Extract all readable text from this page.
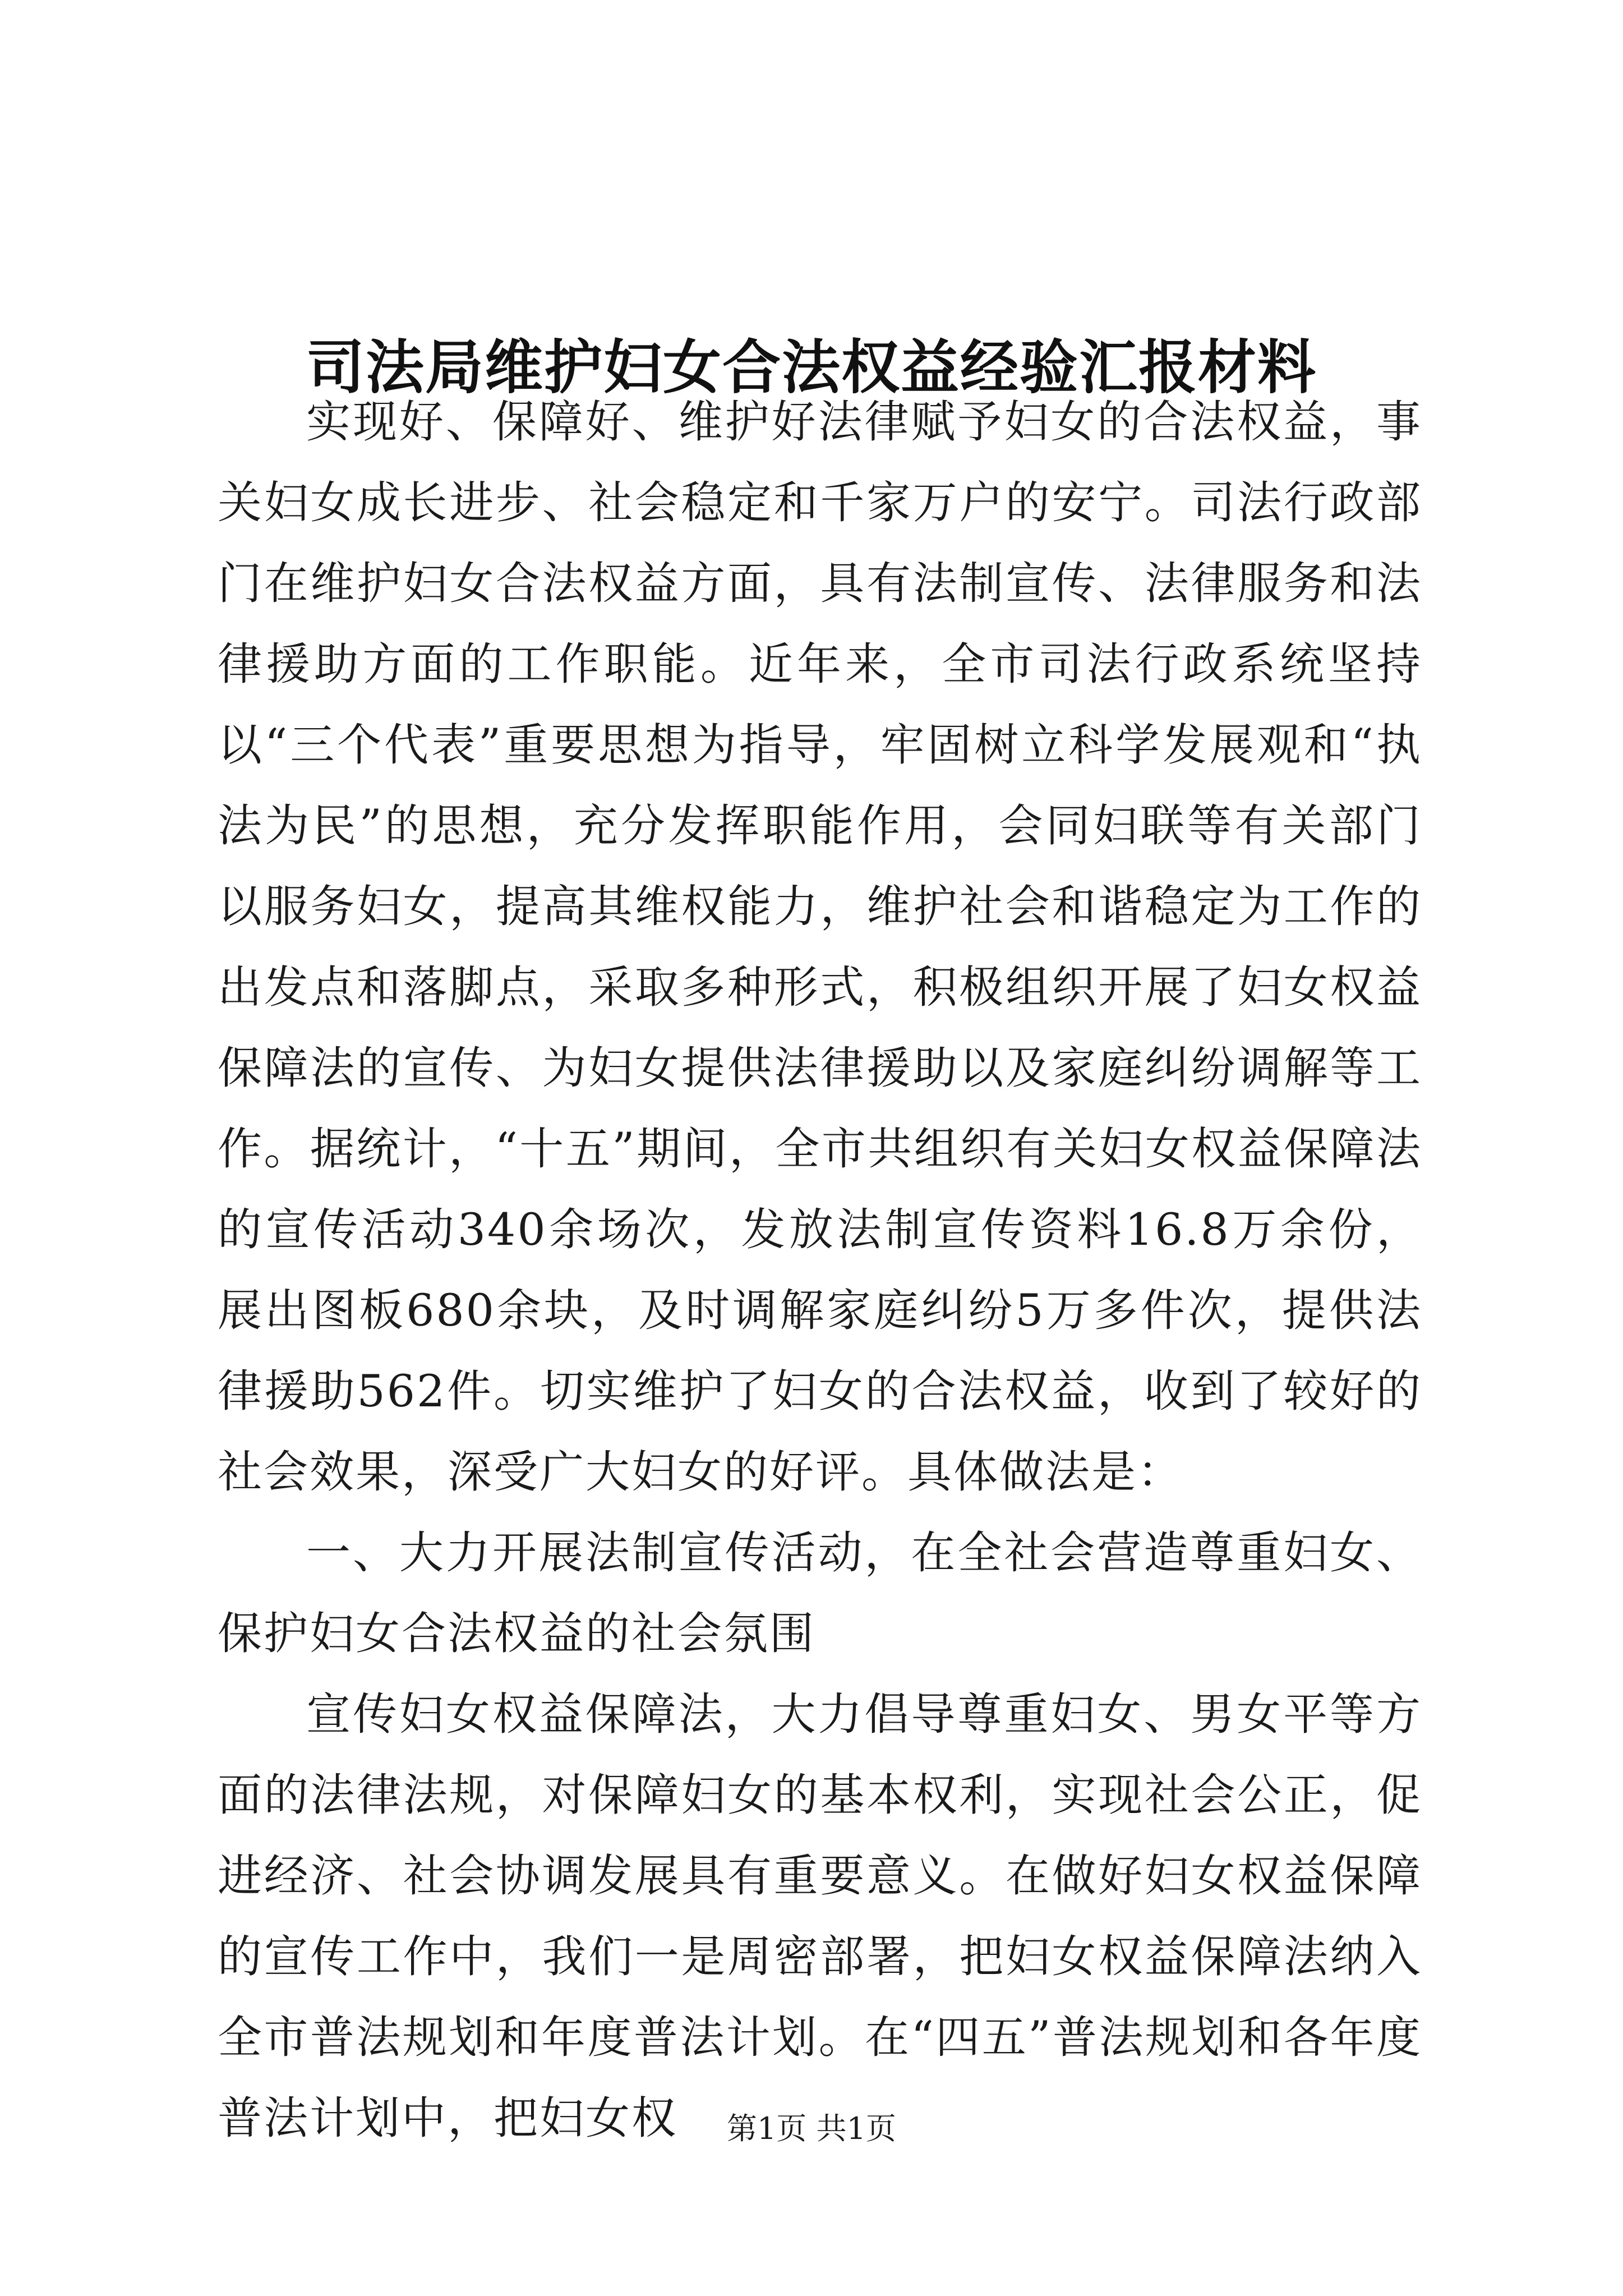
司法局维护妇女合法权益经验汇报材料

实现好、保障好、维护好法律赋予妇女的合法权益，事关妇女成长进步、社会稳定和千家万户的安宁。司法行政部门在维护妇女合法权益方面，具有法制宣传、法律服务和法律援助方面的工作职能。近年来，全市司法行政系统坚持以“三个代表”重要思想为指导，牢固树立科学发展观和“执法为民”的思想，充分发挥职能作用，会同妇联等有关部门以服务妇女，提高其维权能力，维护社会和谐稳定为工作的出发点和落脚点，采取多种形式，积极组织开展了妇女权益保障法的宣传、为妇女提供法律援助以及家庭纠纷调解等工作。据统计，“十五”期间，全市共组织有关妇女权益保障法的宣传活动340余场次，发放法制宣传资料16.8万余份，展出图板680余块，及时调解家庭纠纷5万多件次，提供法律援助562件。切实维护了妇女的合法权益，收到了较好的社会效果，深受广大妇女的好评。具体做法是：

一、大力开展法制宣传活动，在全社会营造尊重妇女、保护妇女合法权益的社会氛围

宣传妇女权益保障法，大力倡导尊重妇女、男女平等方面的法律法规，对保障妇女的基本权利，实现社会公正，促进经济、社会协调发展具有重要意义。在做好妇女权益保障的宣传工作中，我们一是周密部署，把妇女权益保障法纳入全市普法规划和年度普法计划。在“四五”普法规划和各年度普法计划中，把妇女权	第1页 共1页
